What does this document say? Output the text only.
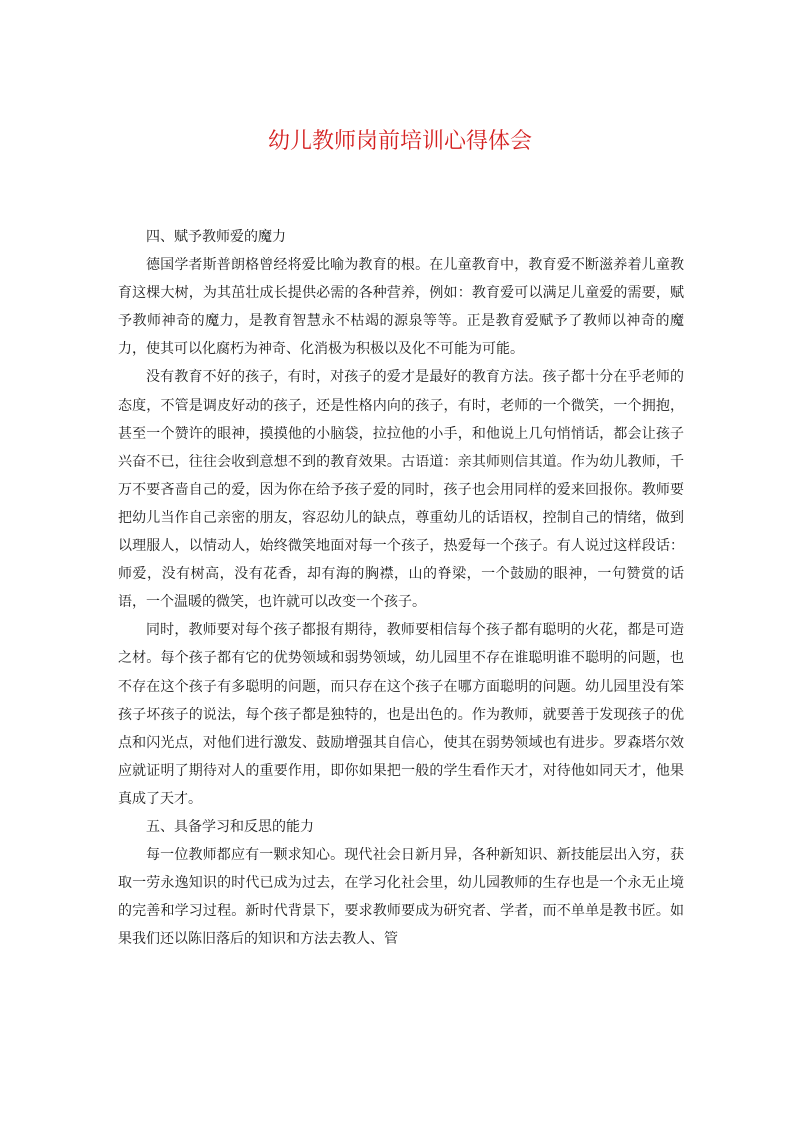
幼儿教师岗前培训心得体会

四、赋予教师爱的魔力

德国学者斯普朗格曾经将爱比喻为教育的根。在儿童教育中，教育爱不断滋养着儿童教育这棵大树，为其茁壮成长提供必需的各种营养，例如：教育爱可以满足儿童爱的需要，赋予教师神奇的魔力，是教育智慧永不枯竭的源泉等等。正是教育爱赋予了教师以神奇的魔力，使其可以化腐朽为神奇、化消极为积极以及化不可能为可能。

没有教育不好的孩子，有时，对孩子的爱才是最好的教育方法。孩子都十分在乎老师的态度，不管是调皮好动的孩子，还是性格内向的孩子，有时，老师的一个微笑，一个拥抱，甚至一个赞许的眼神，摸摸他的小脑袋，拉拉他的小手，和他说上几句悄悄话，都会让孩子兴奋不已，往往会收到意想不到的教育效果。古语道：亲其师则信其道。作为幼儿教师，千万不要吝啬自己的爱，因为你在给予孩子爱的同时，孩子也会用同样的爱来回报你。教师要把幼儿当作自己亲密的朋友，容忍幼儿的缺点，尊重幼儿的话语权，控制自己的情绪，做到以理服人，以情动人，始终微笑地面对每一个孩子，热爱每一个孩子。有人说过这样段话：师爱，没有树高，没有花香，却有海的胸襟，山的脊梁，一个鼓励的眼神，一句赞赏的话语，一个温暖的微笑，也许就可以改变一个孩子。

同时，教师要对每个孩子都报有期待，教师要相信每个孩子都有聪明的火花，都是可造之材。每个孩子都有它的优势领域和弱势领域，幼儿园里不存在谁聪明谁不聪明的问题，也不存在这个孩子有多聪明的问题，而只存在这个孩子在哪方面聪明的问题。幼儿园里没有笨孩子坏孩子的说法，每个孩子都是独特的，也是出色的。作为教师，就要善于发现孩子的优点和闪光点，对他们进行激发、鼓励增强其自信心，使其在弱势领域也有进步。罗森塔尔效应就证明了期待对人的重要作用，即你如果把一般的学生看作天才，对待他如同天才，他果真成了天才。

五、具备学习和反思的能力

每一位教师都应有一颗求知心。现代社会日新月异，各种新知识、新技能层出入穷，获取一劳永逸知识的时代已成为过去，在学习化社会里，幼儿园教师的生存也是一个永无止境的完善和学习过程。新时代背景下，要求教师要成为研究者、学者，而不单单是教书匠。如果我们还以陈旧落后的知识和方法去教人、管
